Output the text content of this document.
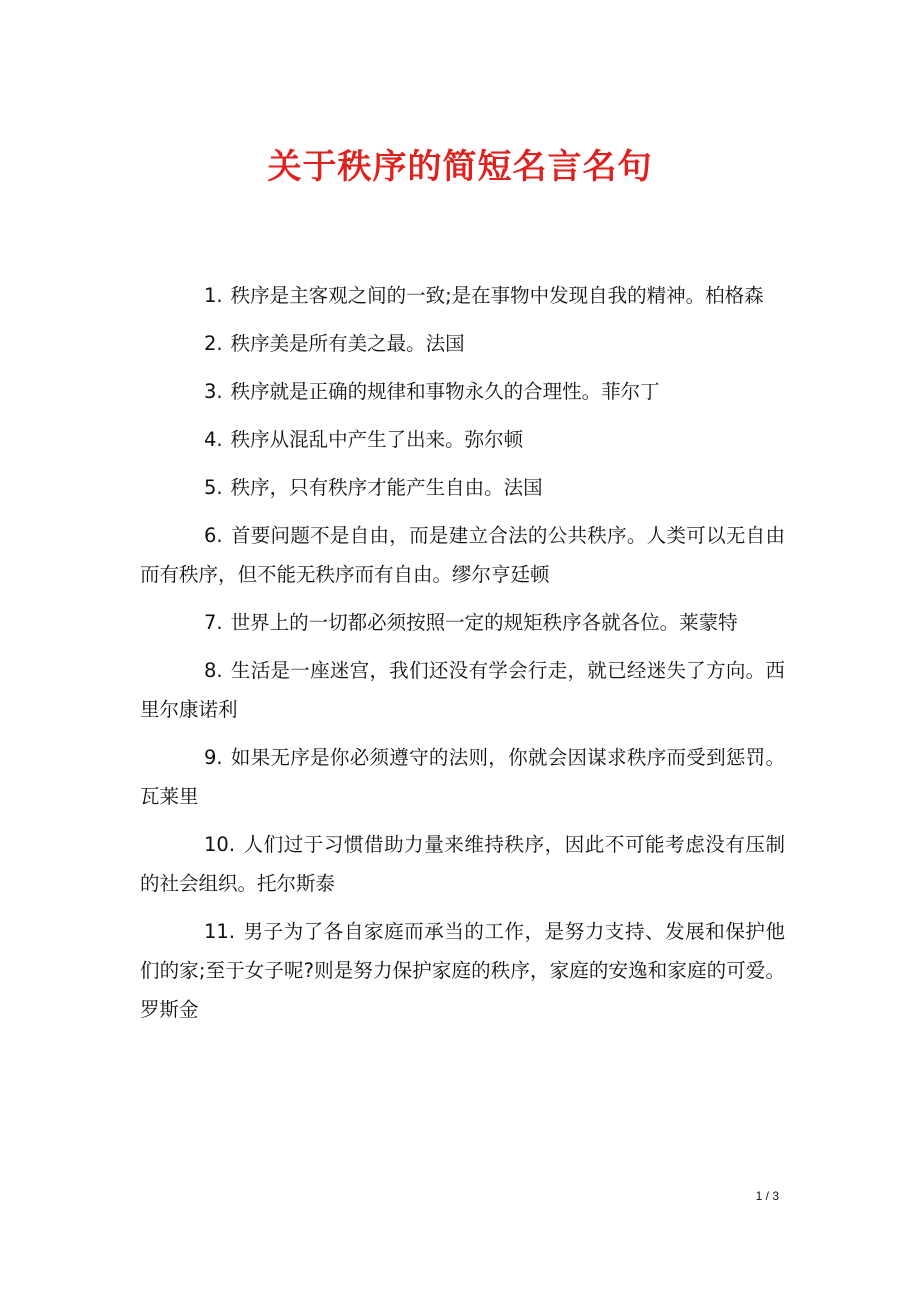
关于秩序的简短名言名句
1. 秩序是主客观之间的一致;是在事物中发现自我的精神。柏格森
2. 秩序美是所有美之最。法国
3. 秩序就是正确的规律和事物永久的合理性。菲尔丁
4. 秩序从混乱中产生了出来。弥尔顿
5. 秩序，只有秩序才能产生自由。法国
6. 首要问题不是自由，而是建立合法的公共秩序。人类可以无自由而有秩序，但不能无秩序而有自由。缪尔亨廷顿
7. 世界上的一切都必须按照一定的规矩秩序各就各位。莱蒙特
8. 生活是一座迷宫，我们还没有学会行走，就已经迷失了方向。西里尔康诺利
9. 如果无序是你必须遵守的法则，你就会因谋求秩序而受到惩罚。瓦莱里
10. 人们过于习惯借助力量来维持秩序，因此不可能考虑没有压制的社会组织。托尔斯泰
11. 男子为了各自家庭而承当的工作，是努力支持、发展和保护他们的家;至于女子呢?则是努力保护家庭的秩序，家庭的安逸和家庭的可爱。罗斯金
1 / 3
